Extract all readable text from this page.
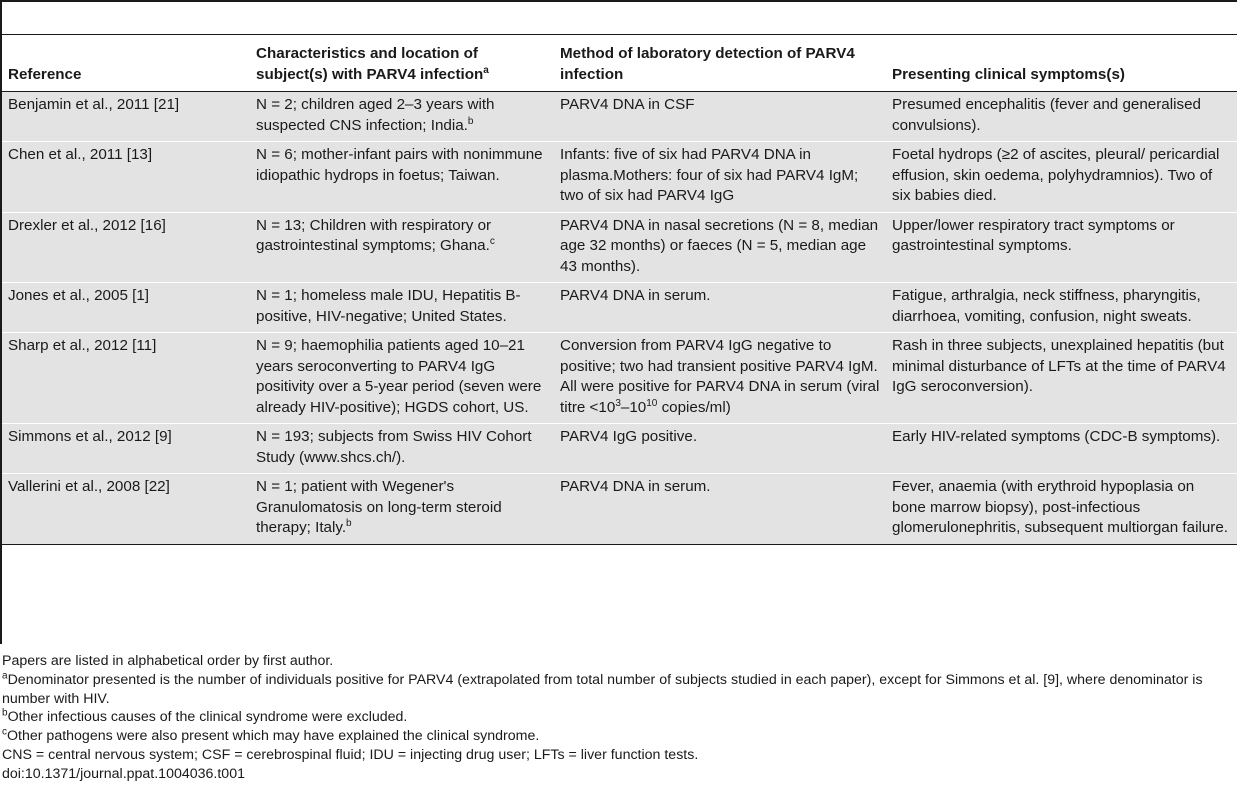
Reference	Characteristics and location of subject(s) with PARV4 infection$^a$	Method of laboratory detection of PARV4 infection	Presenting clinical symptoms(s)
Benjamin et al., 2011 [21]	N = 2; children aged 2–3 years with suspected CNS infection; India.$^b$	PARV4 DNA in CSF	Presumed encephalitis (fever and generalised convulsions).
Chen et al., 2011 [13]	N = 6; mother-infant pairs with nonimmune idiopathic hydrops in foetus; Taiwan.	Infants: five of six had PARV4 DNA in plasma.Mothers: four of six had PARV4 IgM; two of six had PARV4 IgG	Foetal hydrops (≥2 of ascites, pleural/ pericardial effusion, skin oedema, polyhydramnios). Two of six babies died.
Drexler et al., 2012 [16]	N = 13; Children with respiratory or gastrointestinal symptoms; Ghana.$^c$	PARV4 DNA in nasal secretions (N = 8, median age 32 months) or faeces (N = 5, median age 43 months).	Upper/lower respiratory tract symptoms or gastrointestinal symptoms.
Jones et al., 2005 [1]	N = 1; homeless male IDU, Hepatitis B-positive, HIV-negative; United States.	PARV4 DNA in serum.	Fatigue, arthralgia, neck stiffness, pharyngitis, diarrhoea, vomiting, confusion, night sweats.
Sharp et al., 2012 [11]	N = 9; haemophilia patients aged 10–21 years seroconverting to PARV4 IgG positivity over a 5-year period (seven were already HIV-positive); HGDS cohort, US.	Conversion from PARV4 IgG negative to positive; two had transient positive PARV4 IgM. All were positive for PARV4 DNA in serum (viral titre $<10^3-10^{10}$ copies/ml)	Rash in three subjects, unexplained hepatitis (but minimal disturbance of LFTs at the time of PARV4 IgG seroconversion).
Simmons et al., 2012 [9]	N = 193; subjects from Swiss HIV Cohort Study (www.shcs.ch/).	PARV4 IgG positive.	Early HIV-related symptoms (CDC-B symptoms).
Vallerini et al., 2008 [22]	N = 1; patient with Wegener's Granulomatosis on long-term steroid therapy; Italy.$^b$	PARV4 DNA in serum.	Fever, anaemia (with erythroid hypoplasia on bone marrow biopsy), post-infectious glomerulonephritis, subsequent multiorgan failure.
Papers are listed in alphabetical order by first author.
$^a$Denominator presented is the number of individuals positive for PARV4 (extrapolated from total number of subjects studied in each paper), except for Simmons et al. [9], where denominator is number with HIV.
$^b$Other infectious causes of the clinical syndrome were excluded.
$^c$Other pathogens were also present which may have explained the clinical syndrome.
CNS = central nervous system; CSF = cerebrospinal fluid; IDU = injecting drug user; LFTs = liver function tests.
doi:10.1371/journal.ppat.1004036.t001
